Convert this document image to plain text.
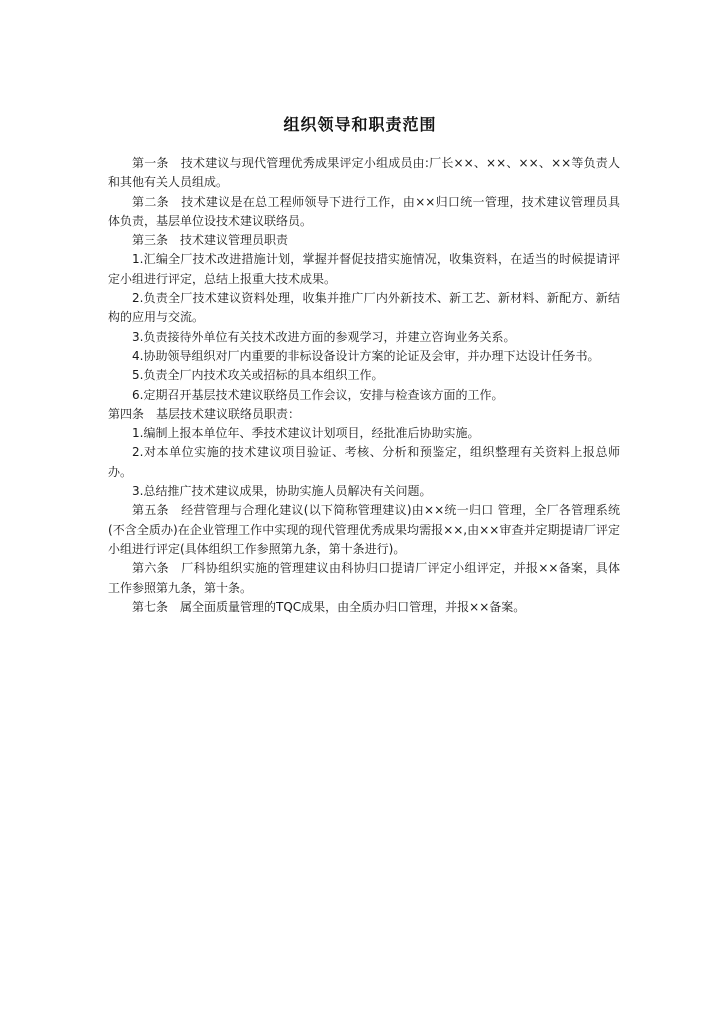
组织领导和职责范围

第一条　技术建议与现代管理优秀成果评定小组成员由:厂长××、××、××、××等负责人和其他有关人员组成。

第二条　技术建议是在总工程师领导下进行工作，由××归口统一管理，技术建议管理员具体负责，基层单位设技术建议联络员。

第三条　技术建议管理员职责

1.汇编全厂技术改进措施计划，掌握并督促技措实施情况，收集资料，在适当的时候提请评定小组进行评定，总结上报重大技术成果。

2.负责全厂技术建议资料处理，收集并推广厂内外新技术、新工艺、新材料、新配方、新结构的应用与交流。

3.负责接待外单位有关技术改进方面的参观学习，并建立咨询业务关系。

4.协助领导组织对厂内重要的非标设备设计方案的论证及会审，并办理下达设计任务书。

5.负责全厂内技术攻关或招标的具本组织工作。

6.定期召开基层技术建议联络员工作会议，安排与检查该方面的工作。

第四条　基层技术建议联络员职责：

1.编制上报本单位年、季技术建议计划项目，经批准后协助实施。

2.对本单位实施的技术建议项目验证、考核、分析和预鉴定，组织整理有关资料上报总师办。

3.总结推广技术建议成果，协助实施人员解决有关问题。

第五条　经营管理与合理化建议(以下简称管理建议)由××统一归口 管理，全厂各管理系统(不含全质办)在企业管理工作中实现的现代管理优秀成果均需报××,由××审查并定期提请厂评定小组进行评定(具体组织工作参照第九条，第十条进行)。

第六条　厂科协组织实施的管理建议由科协归口提请厂评定小组评定，并报××备案，具体工作参照第九条，第十条。

第七条　属全面质量管理的TQC成果，由全质办归口管理，并报××备案。
